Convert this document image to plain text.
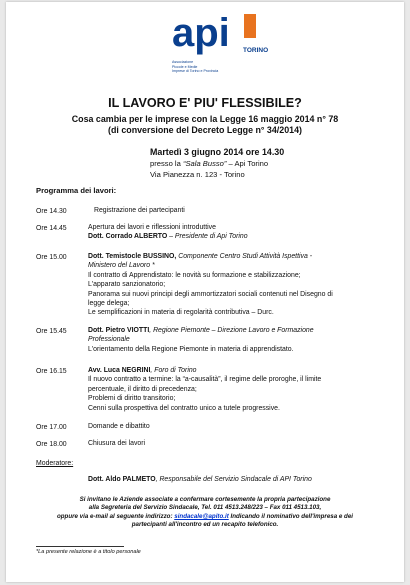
api TORINO
Associazione
Piccole e Medie
Imprese di Torino e Provincia
IL LAVORO E' PIU' FLESSIBILE?
Cosa cambia per le imprese con la Legge 16 maggio 2014 n° 78
(di conversione del Decreto Legge n° 34/2014)
Martedì 3 giugno 2014 ore 14.30
presso la “Sala Busso” – Api Torino
Via Pianezza n. 123 - Torino
Programma dei lavori:
Ore 14.30	Registrazione dei partecipanti
Ore 14.45	Apertura dei lavori e riflessioni introduttive
Dott. Corrado ALBERTO – Presidente di Api Torino
Ore 15.00	Dott. Temistocle BUSSINO, Componente Centro Studi Attività Ispettiva -
Ministero del Lavoro *
Il contratto di Apprendistato: le novità su formazione e stabilizzazione;
L'apparato sanzionatorio;
Panorama sui nuovi principi degli ammortizzatori sociali contenuti nel Disegno di
legge delega;
Le semplificazioni in materia di regolarità contributiva – Durc.
Ore 15.45	Dott. Pietro VIOTTI, Regione Piemonte – Direzione Lavoro e Formazione
Professionale
L'orientamento della Regione Piemonte in materia di apprendistato.
Ore 16.15	Avv. Luca NEGRINI, Foro di Torino
Il nuovo contratto a termine: la “a-causalità”, il regime delle proroghe, il limite
percentuale, il diritto di precedenza;
Problemi di diritto transitorio;
Cenni sulla prospettiva del contratto unico a tutele progressive.
Ore 17.00	Domande e dibattito
Ore 18.00	Chiusura dei lavori
Moderatore:
Dott. Aldo PALMETO, Responsabile del Servizio Sindacale di API Torino
Si invitano le Aziende associate a confermare cortesemente la propria partecipazione
alla Segreteria del Servizio Sindacale, Tel. 011 4513.248/223 – Fax 011 4513.103,
oppure via e-mail al seguente indirizzo: sindacale@apito.it Indicando il nominativo dell'impresa e dei
partecipanti all'incontro ed un recapito telefonico.
*La presente relazione è a titolo personale
